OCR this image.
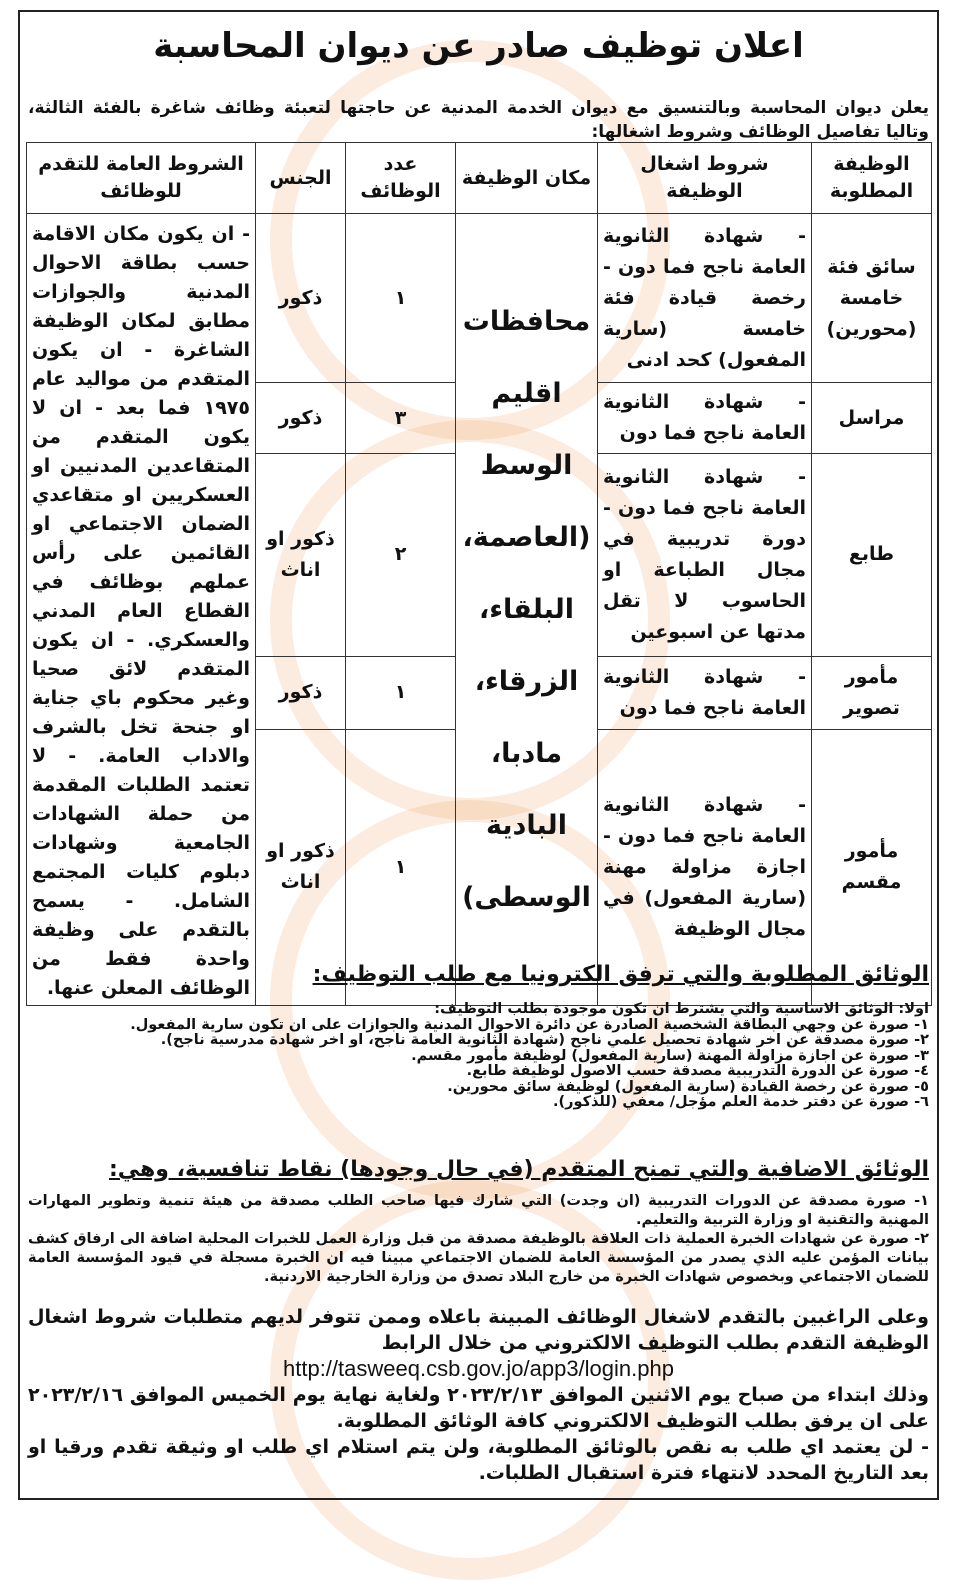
اعلان توظيف صادر عن ديوان المحاسبة
يعلن ديوان المحاسبة وبالتنسيق مع ديوان الخدمة المدنية عن حاجتها لتعبئة وظائف شاغرة بالفئة الثالثة، وتاليا تفاصيل الوظائف وشروط اشغالها:
الوظيفة المطلوبة	شروط اشغال الوظيفة	مكان الوظيفة	عدد الوظائف	الجنس	الشروط العامة للتقدم للوظائف
سائق فئة خامسة (محورين)	- شهادة الثانوية العامة ناجح فما دون - رخصة قيادة فئة خامسة (سارية المفعول) كحد ادنى	محافظات اقليم الوسط (العاصمة، البلقاء، الزرقاء، مادبا، البادية الوسطى)	١	ذكور	- ان يكون مكان الاقامة حسب بطاقة الاحوال المدنية والجوازات مطابق لمكان الوظيفة الشاغرة - ان يكون المتقدم من مواليد عام ١٩٧٥ فما بعد - ان لا يكون المتقدم من المتقاعدين المدنيين او العسكريين او متقاعدي الضمان الاجتماعي او القائمين على رأس عملهم بوظائف في القطاع العام المدني والعسكري. - ان يكون المتقدم لائق صحيا وغير محكوم باي جناية او جنحة تخل بالشرف والاداب العامة. - لا تعتمد الطلبات المقدمة من حملة الشهادات الجامعية وشهادات دبلوم كليات المجتمع الشامل. - يسمح بالتقدم على وظيفة واحدة فقط من الوظائف المعلن عنها.
مراسل	- شهادة الثانوية العامة ناجح فما دون		٣	ذكور	
طابع	- شهادة الثانوية العامة ناجح فما دون - دورة تدريبية في مجال الطباعة او الحاسوب لا تقل مدتها عن اسبوعين		٢	ذكور او اناث	
مأمور تصوير	- شهادة الثانوية العامة ناجح فما دون		١	ذكور	
مأمور مقسم	- شهادة الثانوية العامة ناجح فما دون - اجازة مزاولة مهنة (سارية المفعول) في مجال الوظيفة		١	ذكور او اناث	
الوثائق المطلوبة والتي ترفق الكترونيا مع طلب التوظيف:
اولا: الوثائق الاساسية والتي يشترط ان تكون موجودة بطلب التوظيف:
١- صورة عن وجهي البطاقة الشخصية الصادرة عن دائرة الاحوال المدنية والجوازات على ان تكون سارية المفعول.
٢- صورة مصدقة عن اخر شهادة تحصيل علمي ناجح (شهادة الثانوية العامة ناجح، او اخر شهادة مدرسية ناجح).
٣- صورة عن اجازة مزاولة المهنة (سارية المفعول) لوظيفة مأمور مقسم.
٤- صورة عن الدورة التدريبية مصدقة حسب الاصول لوظيفة طابع.
٥- صورة عن رخصة القيادة (سارية المفعول) لوظيفة سائق محورين.
٦- صورة عن دفتر خدمة العلم مؤجل/ معفي (للذكور).
الوثائق الاضافية والتي تمنح المتقدم (في حال وجودها) نقاط تنافسية، وهي:
١- صورة مصدقة عن الدورات التدريبية (ان وجدت) التي شارك فيها صاحب الطلب مصدقة من هيئة تنمية وتطوير المهارات المهنية والتقنية او وزارة التربية والتعليم.
٢- صورة عن شهادات الخبرة العملية ذات العلاقة بالوظيفة مصدقة من قبل وزارة العمل للخبرات المحلية اضافة الى ارفاق كشف بيانات المؤمن عليه الذي يصدر من المؤسسة العامة للضمان الاجتماعي مبينا فيه ان الخبرة مسجلة في قيود المؤسسة العامة للضمان الاجتماعي وبخصوص شهادات الخبرة من خارج البلاد تصدق من وزارة الخارجية الاردنية.
وعلى الراغبين بالتقدم لاشغال الوظائف المبينة باعلاه وممن تتوفر لديهم متطلبات شروط اشغال الوظيفة التقدم بطلب التوظيف الالكتروني من خلال الرابط
http://tasweeq.csb.gov.jo/app3/login.php
وذلك ابتداء من صباح يوم الاثنين الموافق ٢٠٢٣/٢/١٣ ولغاية نهاية يوم الخميس الموافق ٢٠٢٣/٢/١٦ على ان يرفق بطلب التوظيف الالكتروني كافة الوثائق المطلوبة.
- لن يعتمد اي طلب به نقص بالوثائق المطلوبة، ولن يتم استلام اي طلب او وثيقة تقدم ورقيا او بعد التاريخ المحدد لانتهاء فترة استقبال الطلبات.
